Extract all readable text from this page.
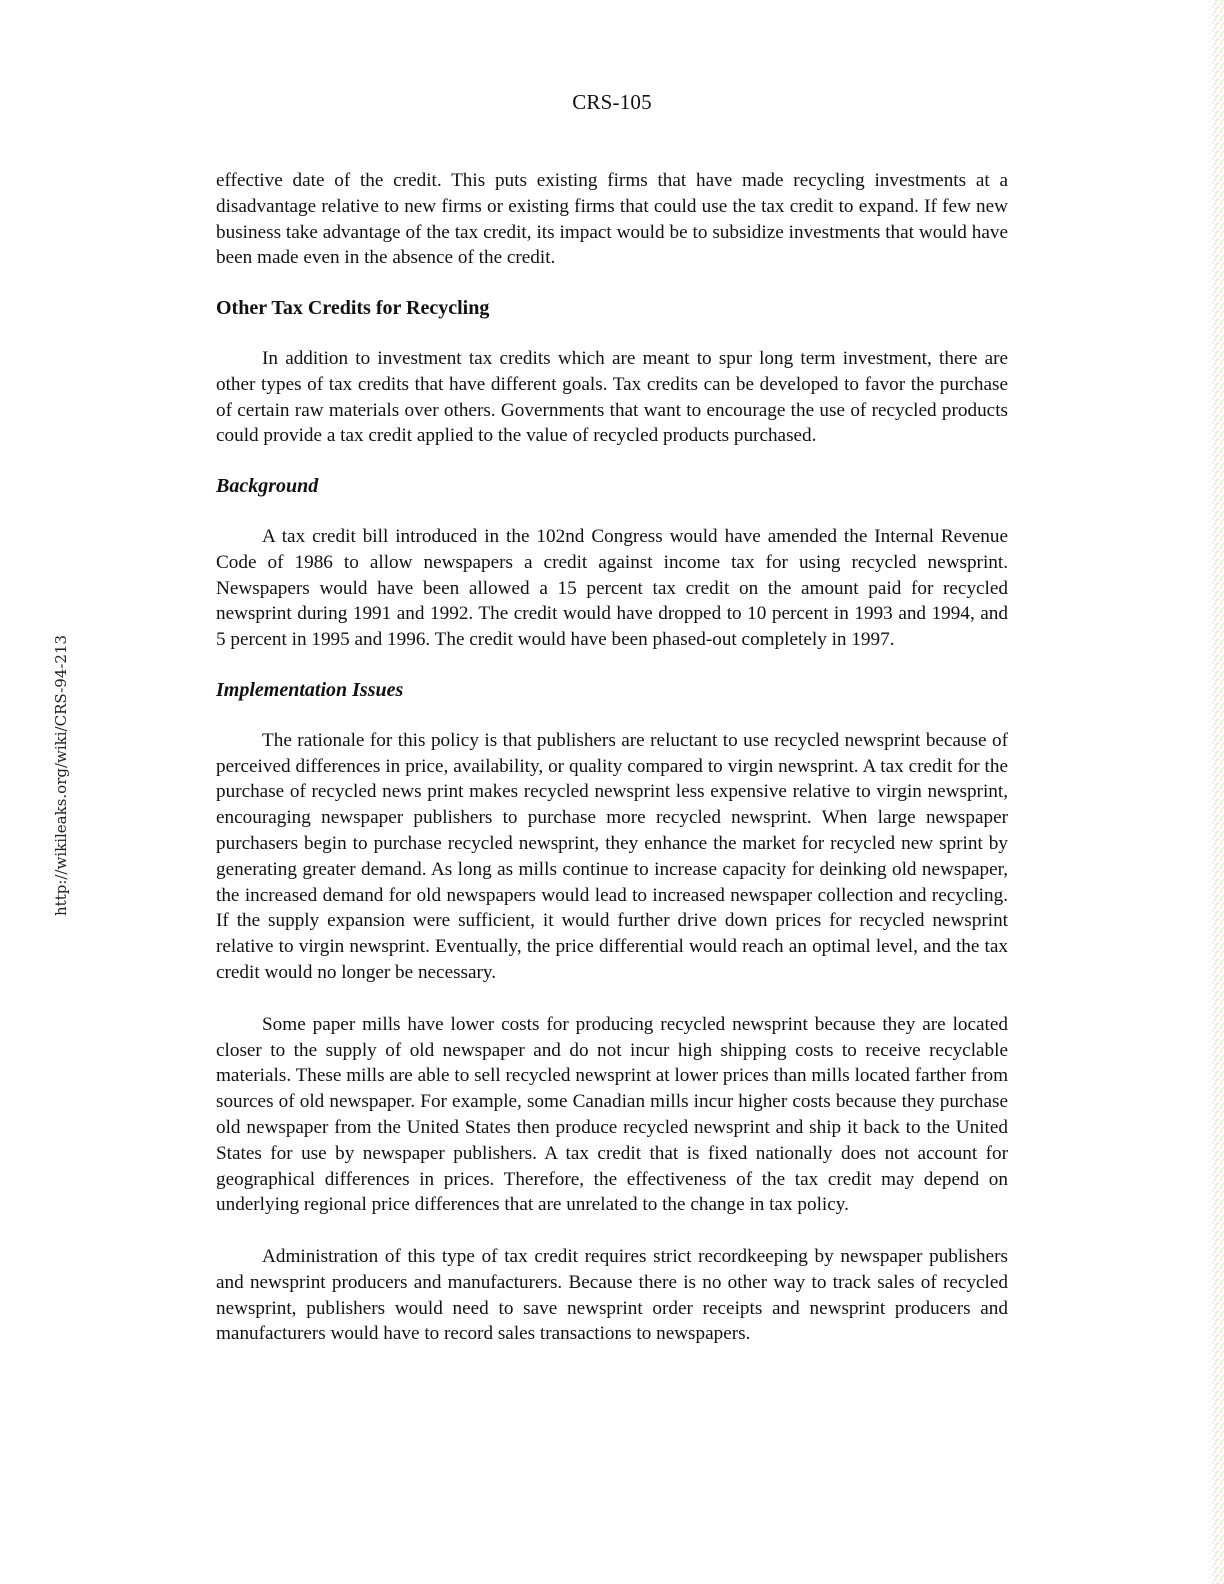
CRS-105
http://wikileaks.org/wiki/CRS-94-213

effective date of the credit. This puts existing firms that have made recycling investments at a disadvantage relative to new firms or existing firms that could use the tax credit to expand. If few new business take advantage of the tax credit, its impact would be to subsidize investments that would have been made even in the absence of the credit.

Other Tax Credits for Recycling

In addition to investment tax credits which are meant to spur long term investment, there are other types of tax credits that have different goals. Tax credits can be developed to favor the purchase of certain raw materials over others. Governments that want to encourage the use of recycled products could provide a tax credit applied to the value of recycled products purchased.

Background

A tax credit bill introduced in the 102nd Congress would have amended the Internal Revenue Code of 1986 to allow newspapers a credit against income tax for using recycled newsprint. Newspapers would have been allowed a 15 percent tax credit on the amount paid for recycled newsprint during 1991 and 1992. The credit would have dropped to 10 percent in 1993 and 1994, and 5 percent in 1995 and 1996. The credit would have been phased-out completely in 1997.

Implementation Issues

The rationale for this policy is that publishers are reluctant to use recycled newsprint because of perceived differences in price, availability, or quality compared to virgin newsprint. A tax credit for the purchase of recycled news print makes recycled newsprint less expensive relative to virgin newsprint, encouraging newspaper publishers to purchase more recycled newsprint. When large newspaper purchasers begin to purchase recycled newsprint, they enhance the market for recycled new sprint by generating greater demand. As long as mills continue to increase capacity for deinking old newspaper, the increased demand for old newspapers would lead to increased newspaper collection and recycling. If the supply expansion were sufficient, it would further drive down prices for recycled newsprint relative to virgin newsprint. Eventually, the price differential would reach an optimal level, and the tax credit would no longer be necessary.

Some paper mills have lower costs for producing recycled newsprint because they are located closer to the supply of old newspaper and do not incur high shipping costs to receive recyclable materials. These mills are able to sell recycled newsprint at lower prices than mills located farther from sources of old newspaper. For example, some Canadian mills incur higher costs because they purchase old newspaper from the United States then produce recycled newsprint and ship it back to the United States for use by newspaper publishers. A tax credit that is fixed nationally does not account for geographical differences in prices. Therefore, the effectiveness of the tax credit may depend on underlying regional price differences that are unrelated to the change in tax policy.

Administration of this type of tax credit requires strict recordkeeping by newspaper publishers and newsprint producers and manufacturers. Because there is no other way to track sales of recycled newsprint, publishers would need to save newsprint order receipts and newsprint producers and manufacturers would have to record sales transactions to newspapers.
